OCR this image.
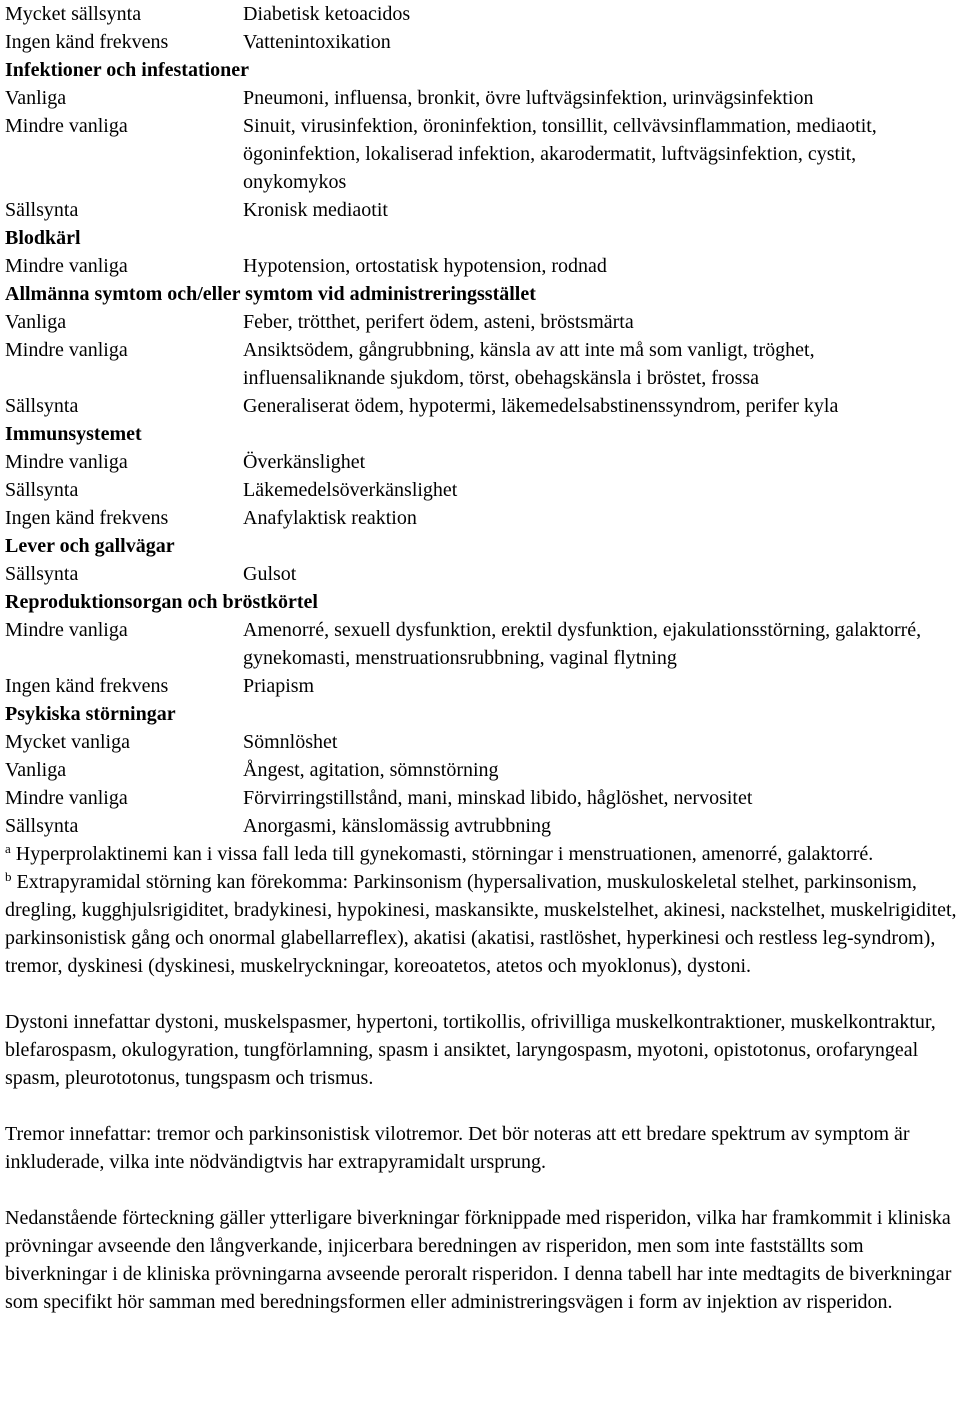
Mycket sällsynta	Diabetisk ketoacidos
Ingen känd frekvens	Vattenintoxikation
Infektioner och infestationer
Vanliga	Pneumoni, influensa, bronkit, övre luftvägsinfektion, urinvägsinfektion
Mindre vanliga	Sinuit, virusinfektion, öroninfektion, tonsillit, cellvävsinflammation, mediaotit, ögoninfektion, lokaliserad infektion, akarodermatit, luftvägsinfektion, cystit, onykomykos
Sällsynta	Kronisk mediaotit
Blodkärl
Mindre vanliga	Hypotension, ortostatisk hypotension, rodnad
Allmänna symtom och/eller symtom vid administreringsstället
Vanliga	Feber, trötthet, perifert ödem, asteni, bröstsmärta
Mindre vanliga	Ansiktsödem, gångrubbning, känsla av att inte må som vanligt, tröghet, influensaliknande sjukdom, törst, obehagskänsla i bröstet, frossa
Sällsynta	Generaliserat ödem, hypotermi, läkemedelsabstinenssyndrom, perifer kyla
Immunsystemet
Mindre vanliga	Överkänslighet
Sällsynta	Läkemedelsöverkänslighet
Ingen känd frekvens	Anafylaktisk reaktion
Lever och gallvägar
Sällsynta	Gulsot
Reproduktionsorgan och bröstkörtel
Mindre vanliga	Amenorré, sexuell dysfunktion, erektil dysfunktion, ejakulationsstörning, galaktorré, gynekomasti, menstruationsrubbning, vaginal flytning
Ingen känd frekvens	Priapism
Psykiska störningar
Mycket vanliga	Sömnlöshet
Vanliga	Ångest, agitation, sömnstörning
Mindre vanliga	Förvirringstillstånd, mani, minskad libido, håglöshet, nervositet
Sällsynta	Anorgasmi, känslomässig avtrubbning

$^a$ Hyperprolaktinemi kan i vissa fall leda till gynekomasti, störningar i menstruationen, amenorré, galaktorré.

$^b$ Extrapyramidal störning kan förekomma: Parkinsonism (hypersalivation, muskuloskeletal stelhet, parkinsonism, dregling, kugghjulsrigiditet, bradykinesi, hypokinesi, maskansikte, muskelstelhet, akinesi, nackstelhet, muskelrigiditet, parkinsonistisk gång och onormal glabellarreflex), akatisi (akatisi, rastlöshet, hyperkinesi och restless leg-syndrom), tremor, dyskinesi (dyskinesi, muskelryckningar, koreoatetos, atetos och myoklonus), dystoni.

Dystoni innefattar dystoni, muskelspasmer, hypertoni, tortikollis, ofrivilliga muskelkontraktioner, muskelkontraktur, blefarospasm, okulogyration, tungförlamning, spasm i ansiktet, laryngospasm, myotoni, opistotonus, orofaryngeal spasm, pleurototonus, tungspasm och trismus.

Tremor innefattar: tremor och parkinsonistisk vilotremor. Det bör noteras att ett bredare spektrum av symptom är inkluderade, vilka inte nödvändigtvis har extrapyramidalt ursprung.

Nedanstående förteckning gäller ytterligare biverkningar förknippade med risperidon, vilka har framkommit i kliniska prövningar avseende den långverkande, injicerbara beredningen av risperidon, men som inte fastställts som biverkningar i de kliniska prövningarna avseende peroralt risperidon. I denna tabell har inte medtagits de biverkningar som specifikt hör samman med beredningsformen eller administreringsvägen i form av injektion av risperidon.
